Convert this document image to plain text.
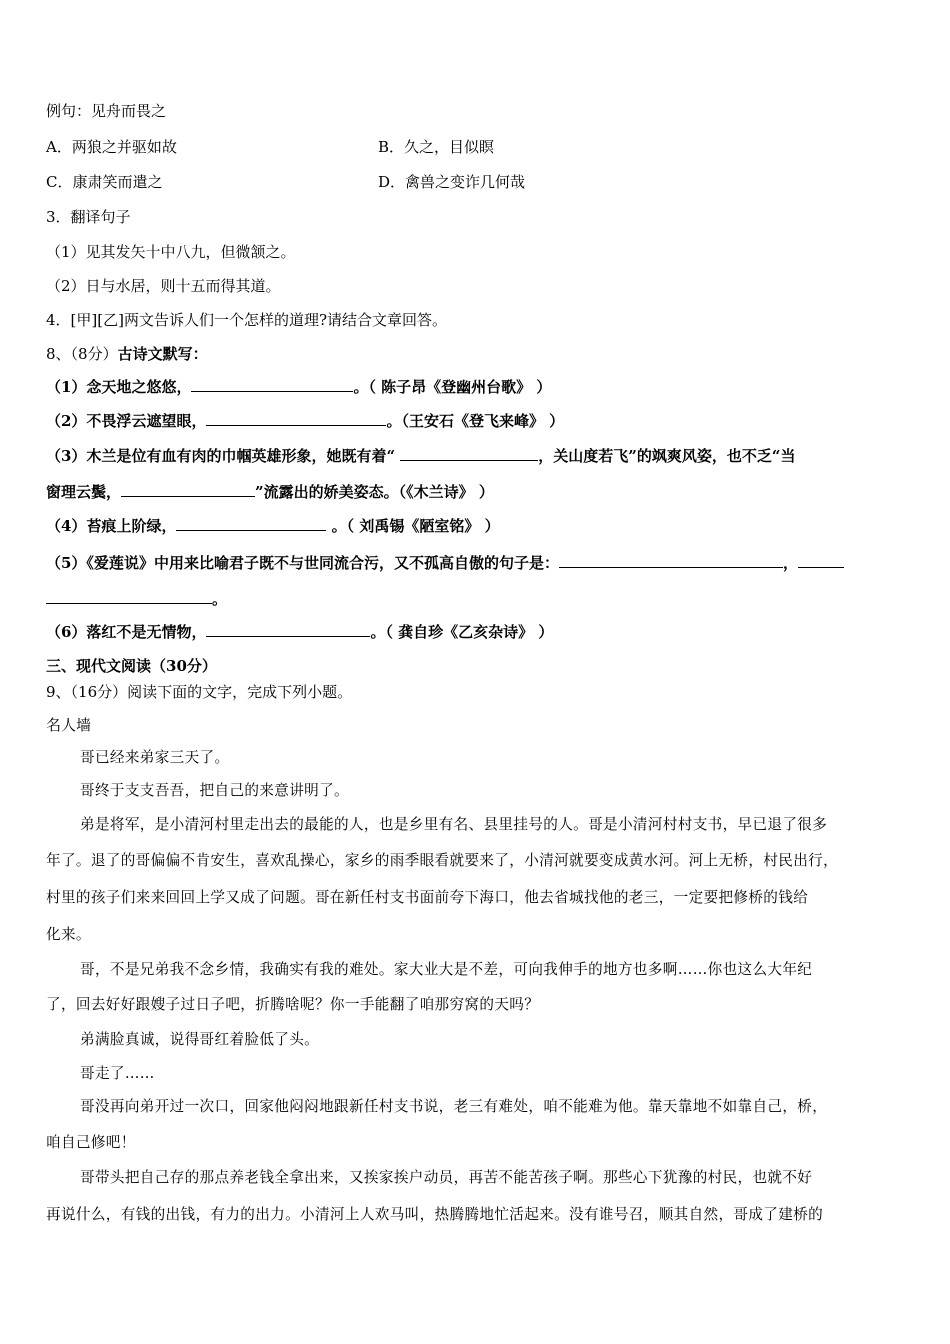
例句：见舟而畏之
A．两狼之并驱如故	B．久之，目似瞑
C．康肃笑而遣之	D．禽兽之变诈几何哉
3．翻译句子
（1）见其发矢十中八九，但微颔之。
（2）日与水居，则十五而得其道。
4．[甲][乙]两文告诉人们一个怎样的道理?请结合文章回答。
8、（8分）古诗文默写：
（1）念天地之悠悠，	。（ 陈子昂《登幽州台歌》 ）
（2）不畏浮云遮望眼，	。（王安石《登飞来峰》 ）
（3）木兰是位有血有肉的巾帼英雄形象，她既有着“	，关山度若飞”的飒爽风姿，也不乏“当
窗理云鬓，	”流露出的娇美姿态。（《木兰诗》 ）
（4）苔痕上阶绿，	。（ 刘禹锡《陋室铭》 ）
（5）《爱莲说》中用来比喻君子既不与世同流合污，又不孤高自傲的句子是：	，
。
（6）落红不是无情物，	。（ 龚自珍《乙亥杂诗》 ）
三、现代文阅读（30分）
9、（16分）阅读下面的文字，完成下列小题。
名人墙
哥已经来弟家三天了。
哥终于支支吾吾，把自己的来意讲明了。
弟是将军，是小清河村里走出去的最能的人，也是乡里有名、县里挂号的人。哥是小清河村村支书，早已退了很多
年了。退了的哥偏偏不肯安生，喜欢乱操心，家乡的雨季眼看就要来了，小清河就要变成黄水河。河上无桥，村民出行，
村里的孩子们来来回回上学又成了问题。哥在新任村支书面前夸下海口，他去省城找他的老三，一定要把修桥的钱给
化来。
哥，不是兄弟我不念乡情，我确实有我的难处。家大业大是不差，可向我伸手的地方也多啊……你也这么大年纪
了，回去好好跟嫂子过日子吧，折腾啥呢？你一手能翻了咱那穷窝的天吗？
弟满脸真诚，说得哥红着脸低了头。
哥走了……
哥没再向弟开过一次口，回家他闷闷地跟新任村支书说，老三有难处，咱不能难为他。靠天靠地不如靠自己，桥，
咱自己修吧！
哥带头把自己存的那点养老钱全拿出来，又挨家挨户动员，再苦不能苦孩子啊。那些心下犹豫的村民，也就不好
再说什么，有钱的出钱，有力的出力。小清河上人欢马叫，热腾腾地忙活起来。没有谁号召，顺其自然，哥成了建桥的
